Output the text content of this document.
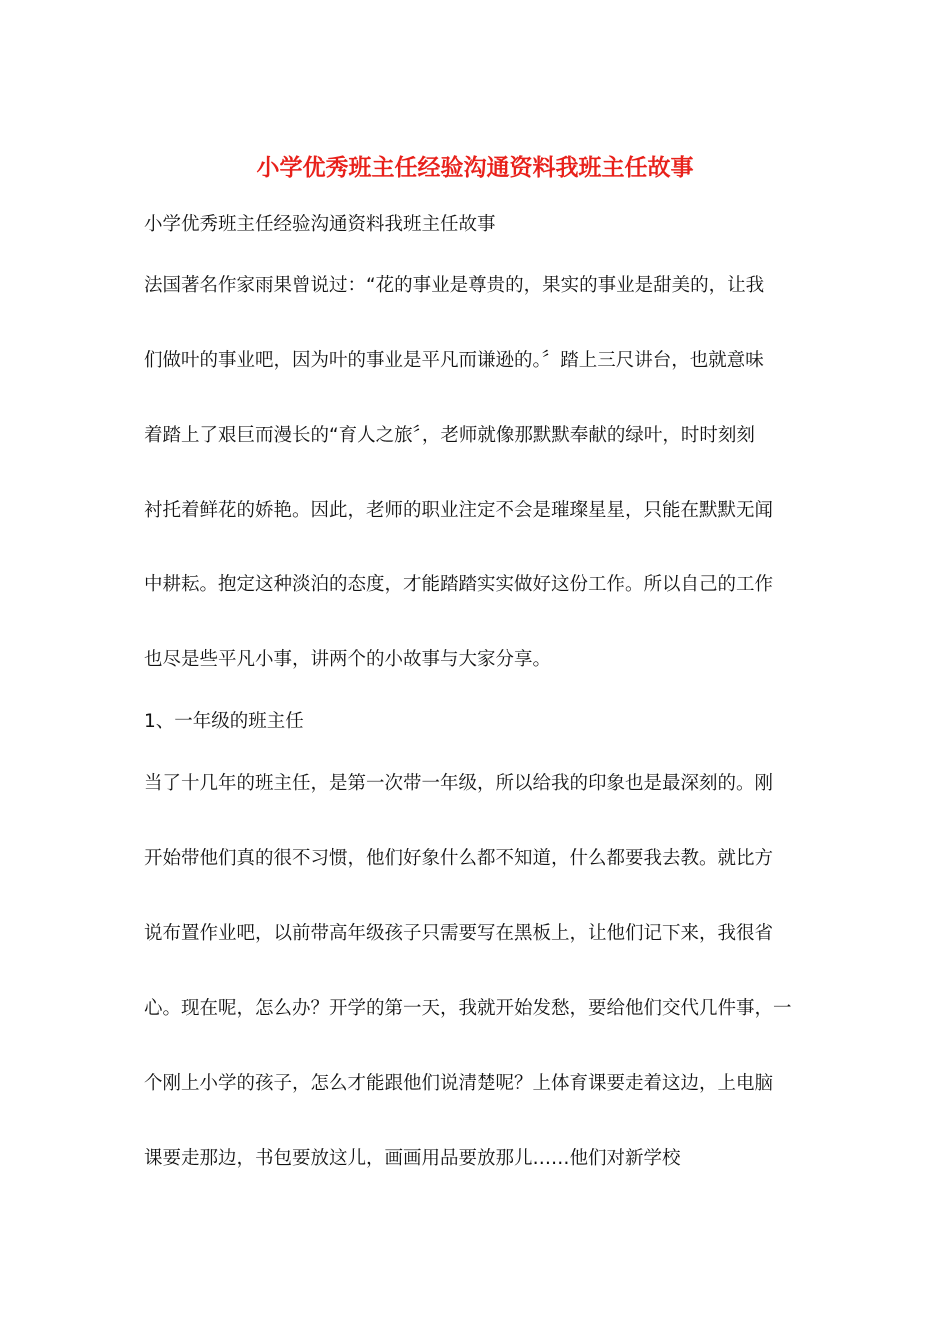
小学优秀班主任经验沟通资料我班主任故事

小学优秀班主任经验沟通资料我班主任故事

法国著名作家雨果曾说过：“花的事业是尊贵的，果实的事业是甜美的，让我

们做叶的事业吧，因为叶的事业是平凡而谦逊的。〞踏上三尺讲台，也就意味

着踏上了艰巨而漫长的“育人之旅〞，老师就像那默默奉献的绿叶，时时刻刻

衬托着鲜花的娇艳。因此，老师的职业注定不会是璀璨星星，只能在默默无闻

中耕耘。抱定这种淡泊的态度，才能踏踏实实做好这份工作。所以自己的工作

也尽是些平凡小事，讲两个的小故事与大家分享。

1、一年级的班主任

当了十几年的班主任，是第一次带一年级，所以给我的印象也是最深刻的。刚

开始带他们真的很不习惯，他们好象什么都不知道，什么都要我去教。就比方

说布置作业吧，以前带高年级孩子只需要写在黑板上，让他们记下来，我很省

心。现在呢，怎么办？开学的第一天，我就开始发愁，要给他们交代几件事，一

个刚上小学的孩子，怎么才能跟他们说清楚呢？上体育课要走着这边，上电脑

课要走那边，书包要放这儿，画画用品要放那儿……他们对新学校
